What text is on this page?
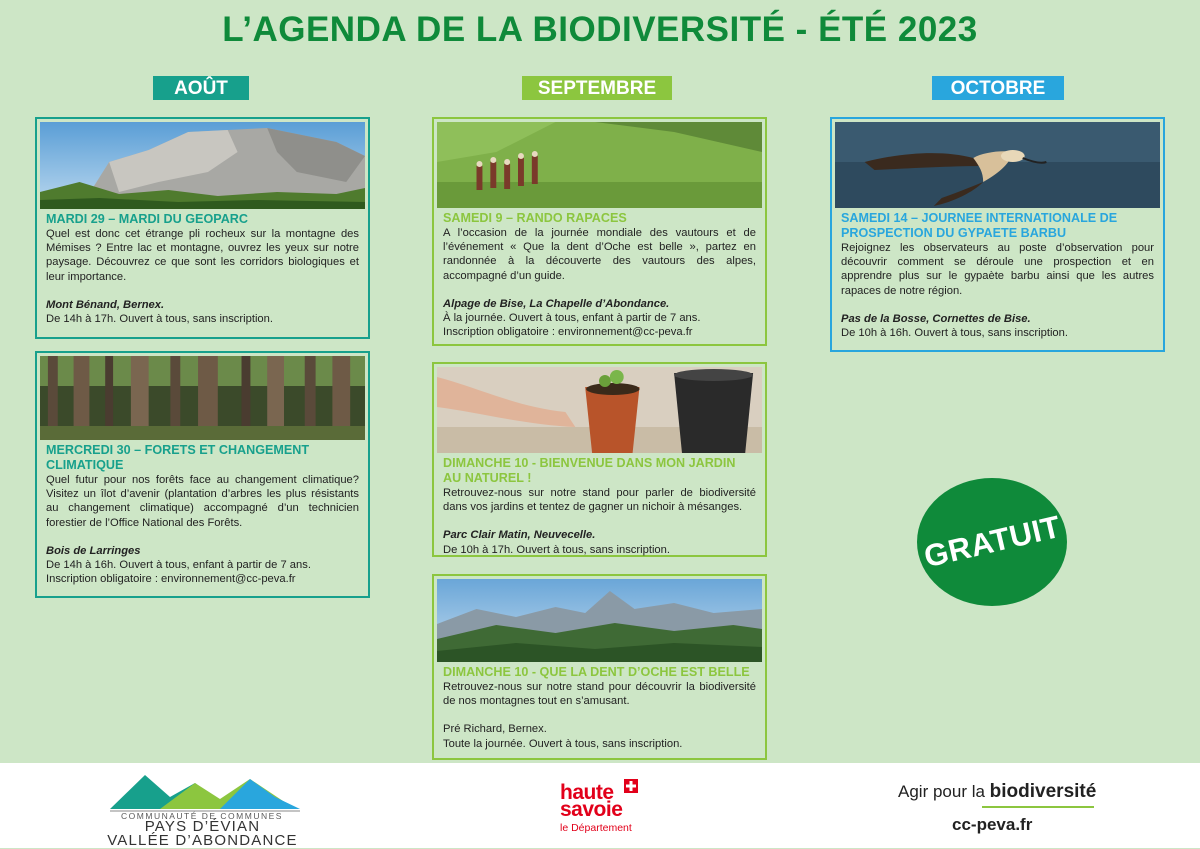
L’AGENDA DE LA BIODIVERSITÉ - ÉTÉ 2023
AOÛT	SEPTEMBRE	OCTOBRE
MARDI 29 – MARDI DU GEOPARC
Quel est donc cet étrange pli rocheux sur la montagne des Mémises ? Entre lac et montagne, ouvrez les yeux sur notre paysage. Découvrez ce que sont les corridors biologiques et leur importance.
Mont Bénand, Bernex.
De 14h à 17h. Ouvert à tous, sans inscription.
MERCREDI 30 – FORETS ET CHANGEMENT CLIMATIQUE
Quel futur pour nos forêts face au changement climatique? Visitez un îlot d’avenir (plantation d’arbres les plus résistants au changement climatique) accompagné d’un technicien forestier de l’Office National des Forêts.
Bois de Larringes
De 14h à 16h. Ouvert à tous, enfant à partir de 7 ans.
Inscription obligatoire : environnement@cc-peva.fr
SAMEDI 9 – RANDO RAPACES
A l’occasion de la journée mondiale des vautours et de l’événement « Que la dent d’Oche est belle », partez en randonnée à la découverte des vautours des alpes, accompagné d’un guide.
Alpage de Bise, La Chapelle d’Abondance.
À la journée. Ouvert à tous, enfant à partir de 7 ans.
Inscription obligatoire : environnement@cc-peva.fr
DIMANCHE 10 - BIENVENUE DANS MON JARDIN AU NATUREL !
Retrouvez-nous sur notre stand pour parler de biodiversité dans vos jardins et tentez de gagner un nichoir à mésanges.
Parc Clair Matin, Neuvecelle.
De 10h à 17h. Ouvert à tous, sans inscription.
DIMANCHE 10 - QUE LA DENT D’OCHE EST BELLE
Retrouvez-nous sur notre stand pour découvrir la biodiversité de nos montagnes tout en s’amusant.
Pré Richard, Bernex.
Toute la journée. Ouvert à tous, sans inscription.
SAMEDI 14 – JOURNEE INTERNATIONALE DE PROSPECTION DU GYPAETE BARBU
Rejoignez les observateurs au poste d’observation pour découvrir comment se déroule une prospection et en apprendre plus sur le gypaète barbu ainsi que les autres rapaces de notre région.
Pas de la Bosse, Cornettes de Bise.
De 10h à 16h. Ouvert à tous, sans inscription.
GRATUIT
COMMUNAUTÉ DE COMMUNES
PAYS D’ÉVIAN
VALLÉE D’ABONDANCE
haute
savoie
le Département
Agir pour la biodiversité
cc-peva.fr
